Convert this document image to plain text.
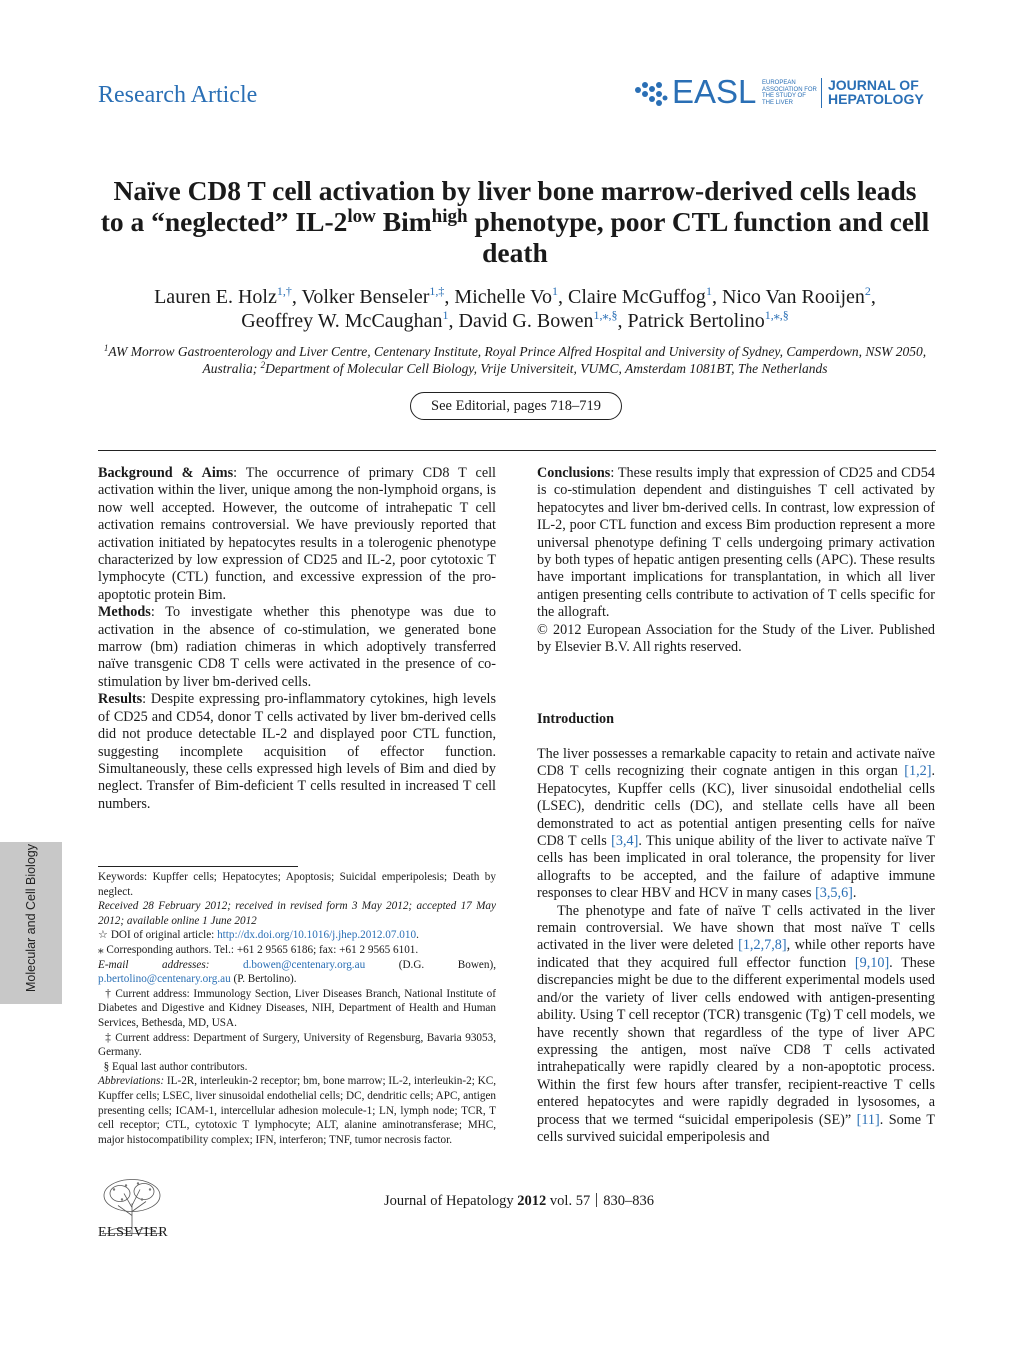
Research Article	EASL EUROPEAN ASSOCIATION FOR THE STUDY OF THE LIVER
JOURNAL OF
HEPATOLOGY
Naïve CD8 T cell activation by liver bone marrow-derived cells leads to a “neglected” $IL-2^{low}$ Bim$^{high}$ phenotype, poor CTL function and cell death
Lauren E. Holz$^{1,\dagger}$, Volker Benseler$^{1,\ddagger}$, Michelle Vo$^1$, Claire McGuffog$^1$, Nico Van Rooijen$^2$,
Geoffrey W. McCaughan$^1$, David G. Bowen$^{1,⁎,\S}$, Patrick Bertolino$^{1,⁎,\S}$
$^1$AW Morrow Gastroenterology and Liver Centre, Centenary Institute, Royal Prince Alfred Hospital and University of Sydney, Camperdown, NSW 2050, Australia; $^2$Department of Molecular Cell Biology, Vrije Universiteit, VUMC, Amsterdam 1081BT, The Netherlands
See Editorial, pages 718–719

Background & Aims: The occurrence of primary CD8 T cell activation within the liver, unique among the non-lymphoid organs, is now well accepted. However, the outcome of intrahepatic T cell activation remains controversial. We have previously reported that activation initiated by hepatocytes results in a tolerogenic phenotype characterized by low expression of CD25 and IL-2, poor cytotoxic T lymphocyte (CTL) function, and excessive expression of the pro-apoptotic protein Bim.

Methods: To investigate whether this phenotype was due to activation in the absence of co-stimulation, we generated bone marrow (bm) radiation chimeras in which adoptively transferred naïve transgenic CD8 T cells were activated in the presence of co-stimulation by liver bm-derived cells.

Results: Despite expressing pro-inflammatory cytokines, high levels of CD25 and CD54, donor T cells activated by liver bm-derived cells did not produce detectable IL-2 and displayed poor CTL function, suggesting incomplete acquisition of effector function. Simultaneously, these cells expressed high levels of Bim and died by neglect. Transfer of Bim-deficient T cells resulted in increased T cell numbers.

Conclusions: These results imply that expression of CD25 and CD54 is co-stimulation dependent and distinguishes T cell activated by hepatocytes and liver bm-derived cells. In contrast, low expression of IL-2, poor CTL function and excess Bim production represent a more universal phenotype defining T cells undergoing primary activation by both types of hepatic antigen presenting cells (APC). These results have important implications for transplantation, in which all liver antigen presenting cells contribute to activation of T cells specific for the allograft.

© 2012 European Association for the Study of the Liver. Published by Elsevier B.V. All rights reserved.

Introduction

The liver possesses a remarkable capacity to retain and activate naïve CD8 T cells recognizing their cognate antigen in this organ [1,2]. Hepatocytes, Kupffer cells (KC), liver sinusoidal endothelial cells (LSEC), dendritic cells (DC), and stellate cells have all been demonstrated to act as potential antigen presenting cells for naïve CD8 T cells [3,4]. This unique ability of the liver to activate naïve T cells has been implicated in oral tolerance, the propensity for liver allografts to be accepted, and the failure of adaptive immune responses to clear HBV and HCV in many cases [3,5,6].

The phenotype and fate of naïve T cells activated in the liver remain controversial. We have shown that most naïve T cells activated in the liver were deleted [1,2,7,8], while other reports have indicated that they acquired full effector function [9,10]. These discrepancies might be due to the different experimental models used and/or the variety of liver cells endowed with antigen-presenting ability. Using T cell receptor (TCR) transgenic (Tg) T cell models, we have recently shown that regardless of the type of liver APC expressing the antigen, most naïve CD8 T cells activated intrahepatically were rapidly cleared by a non-apoptotic process. Within the first few hours after transfer, recipient-reactive T cells entered hepatocytes and were rapidly degraded in lysosomes, a process that we termed “suicidal emperipolesis (SE)” [11]. Some T cells survived suicidal emperipolesis and

Keywords: Kupffer cells; Hepatocytes; Apoptosis; Suicidal emperipolesis; Death by neglect.

Received 28 February 2012; received in revised form 3 May 2012; accepted 17 May 2012; available online 1 June 2012

☆ DOI of original article: http://dx.doi.org/10.1016/j.jhep.2012.07.010.

⁎ Corresponding authors. Tel.: +61 2 9565 6186; fax: +61 2 9565 6101.

E-mail addresses: d.bowen@centenary.org.au (D.G. Bowen), p.bertolino@centenary.org.au (P. Bertolino).

† Current address: Immunology Section, Liver Diseases Branch, National Institute of Diabetes and Digestive and Kidney Diseases, NIH, Department of Health and Human Services, Bethesda, MD, USA.

‡ Current address: Department of Surgery, University of Regensburg, Bavaria 93053, Germany.

§ Equal last author contributors.

Abbreviations: IL-2R, interleukin-2 receptor; bm, bone marrow; IL-2, interleukin-2; KC, Kupffer cells; LSEC, liver sinusoidal endothelial cells; DC, dendritic cells; APC, antigen presenting cells; ICAM-1, intercellular adhesion molecule-1; LN, lymph node; TCR, T cell receptor; CTL, cytotoxic T lymphocyte; ALT, alanine aminotransferase; MHC, major histocompatibility complex; IFN, interferon; TNF, tumor necrosis factor.

Molecular and Cell Biology
ELSEVIER
Journal of Hepatology 2012 vol. 57 830–836
